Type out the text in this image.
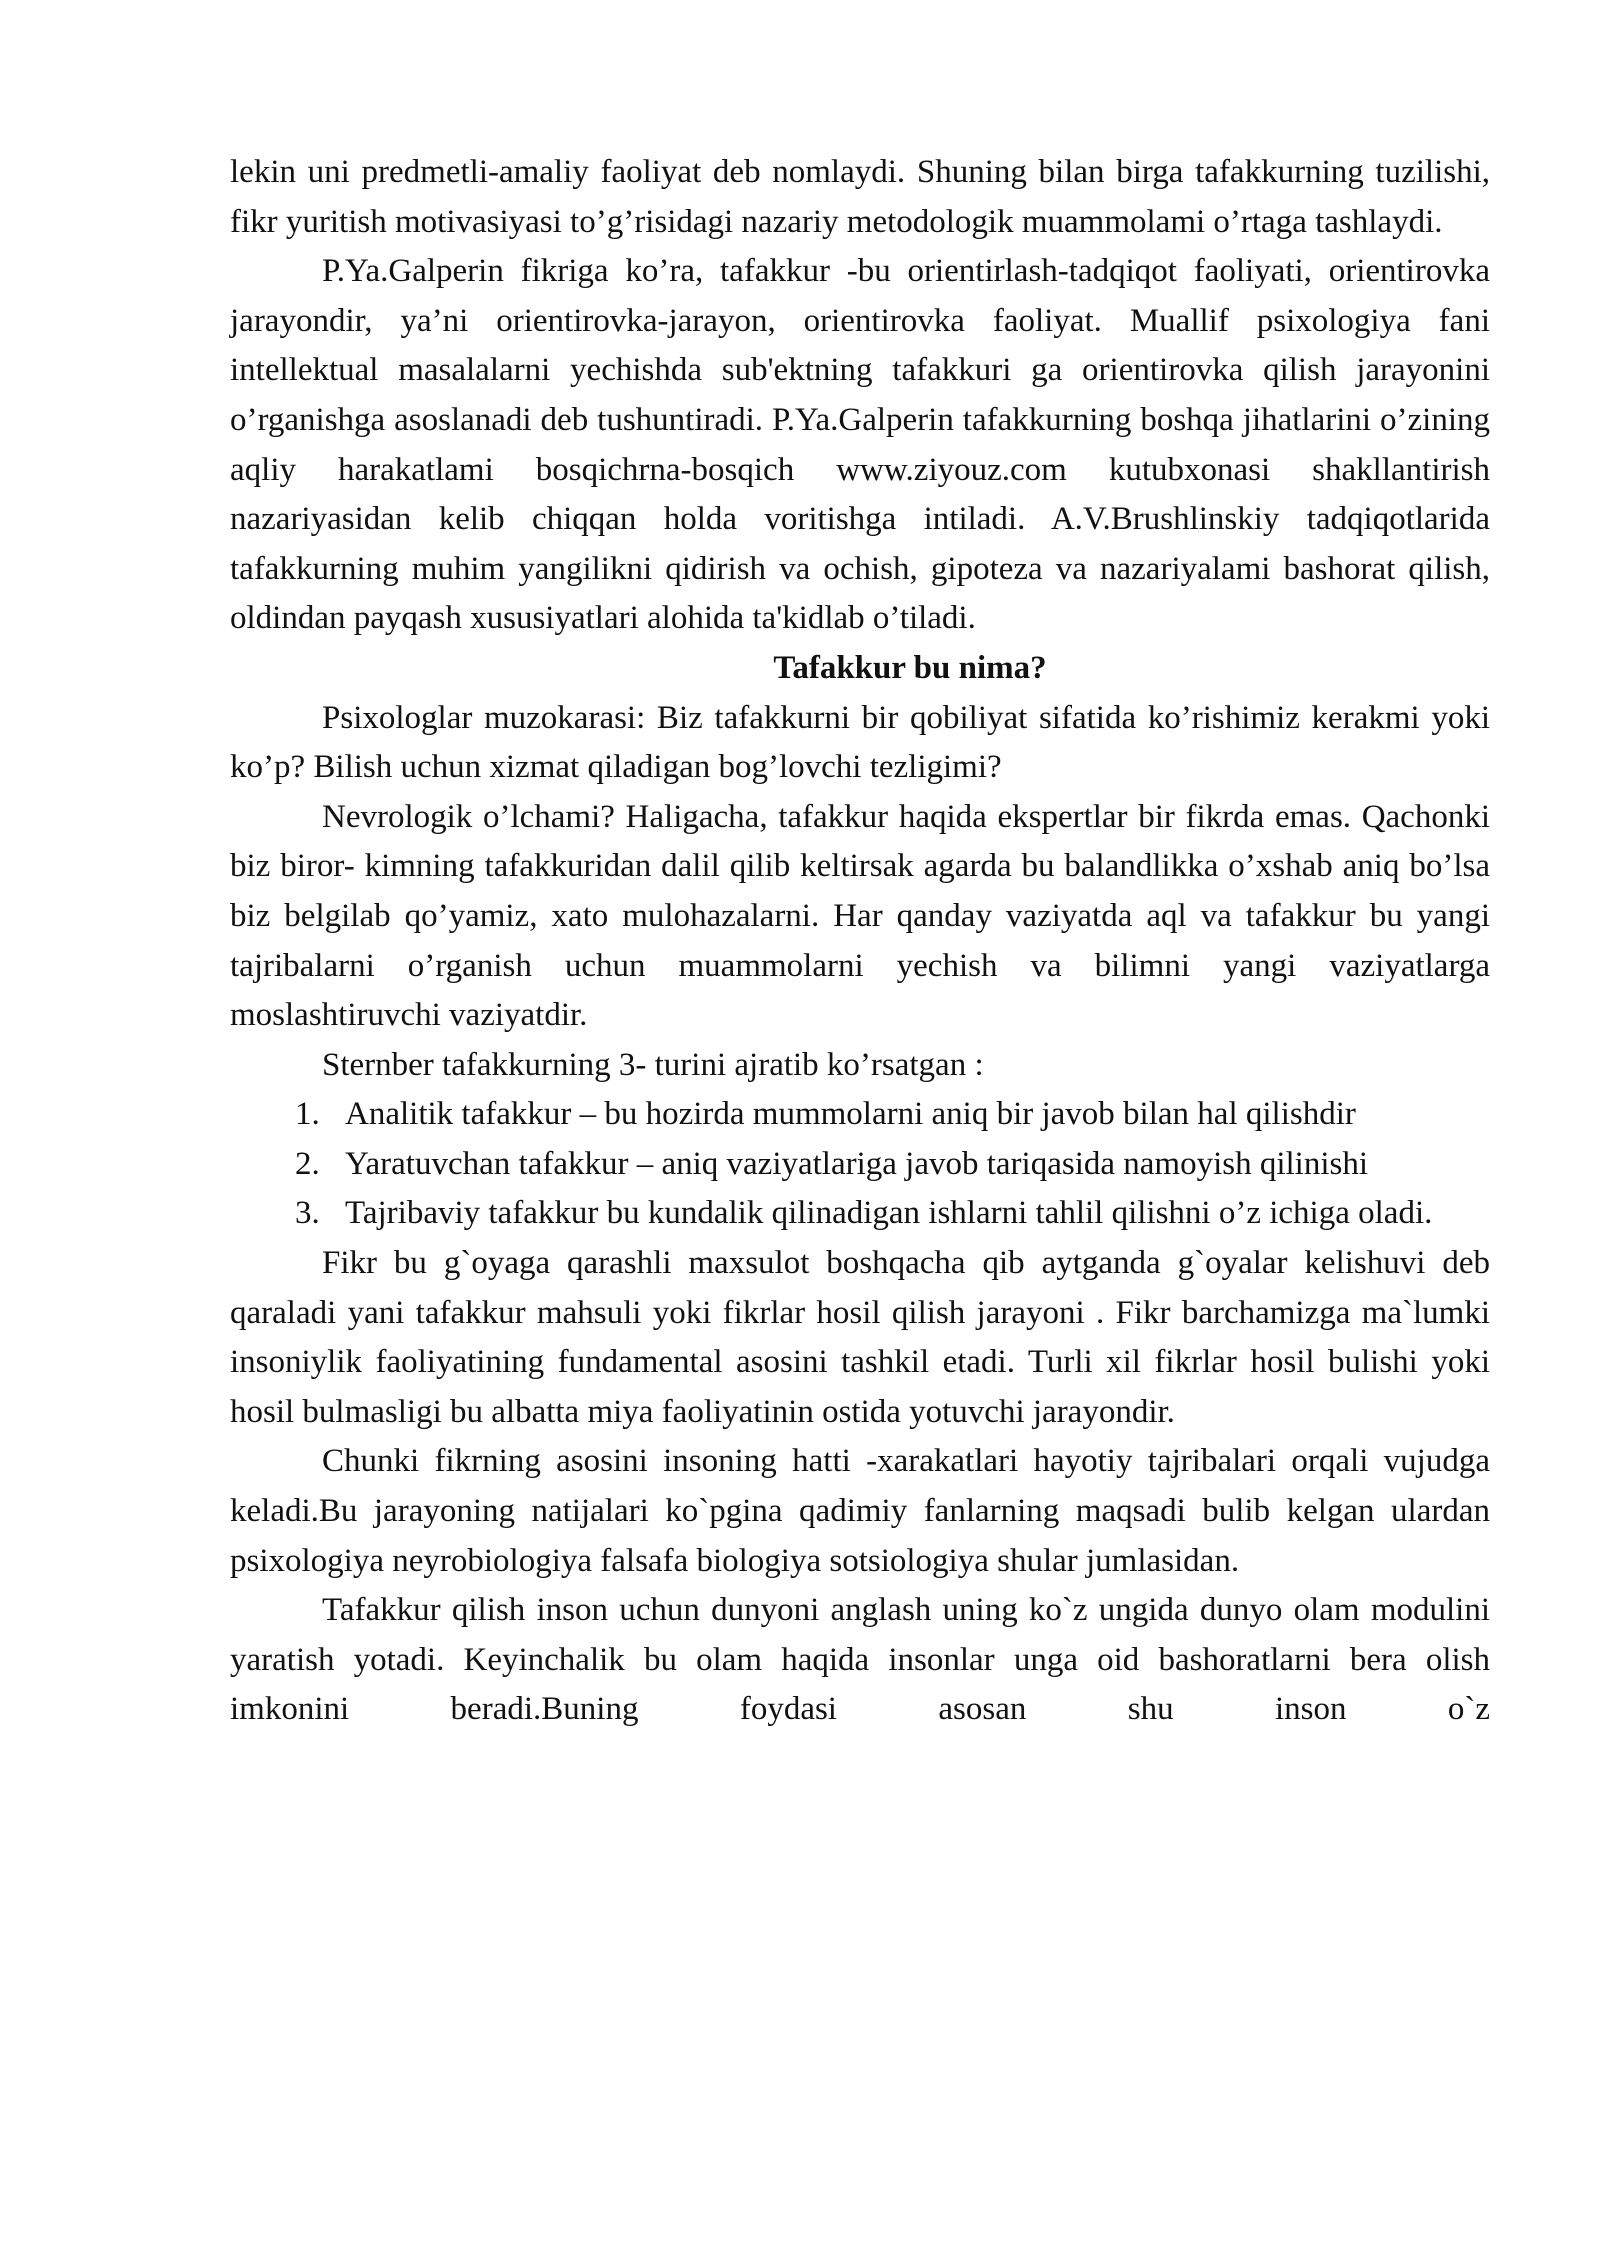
lekin uni predmetli-amaliy faoliyat deb nomlaydi. Shuning bilan birga tafakkurning tuzilishi, fikr yuritish motivasiyasi to’g’risidagi nazariy metodologik muammolami o’rtaga tashlaydi.

P.Ya.Galperin fikriga ko’ra, tafakkur -bu orientirlash-tadqiqot faoliyati, orientirovka jarayondir, ya’ni orientirovka-jarayon, orientirovka faoliyat. Muallif psixologiya fani intellektual masalalarni yechishda sub'ektning tafakkuri ga orientirovka qilish jarayonini o’rganishga asoslanadi deb tushuntiradi. P.Ya.Galperin tafakkurning boshqa jihatlarini o’zining aqliy harakatlami bosqichrna-bosqich www.ziyouz.com kutubxonasi shakllantirish nazariyasidan kelib chiqqan holda voritishga intiladi. A.V.Brushlinskiy tadqiqotlarida tafakkurning muhim yangilikni qidirish va ochish, gipoteza va nazariyalami bashorat qilish, oldindan payqash xususiyatlari alohida ta'kidlab o’tiladi.

Tafakkur bu nima?

Psixologlar muzokarasi: Biz tafakkurni bir qobiliyat sifatida ko’rishimiz kerakmi yoki ko’p? Bilish uchun xizmat qiladigan bog’lovchi tezligimi?

Nevrologik o’lchami? Haligacha, tafakkur haqida ekspertlar bir fikrda emas. Qachonki biz biror- kimning tafakkuridan dalil qilib keltirsak agarda bu balandlikka o’xshab aniq bo’lsa biz belgilab qo’yamiz, xato mulohazalarni. Har qanday vaziyatda aql va tafakkur bu yangi tajribalarni o’rganish uchun muammolarni yechish va bilimni yangi vaziyatlarga moslashtiruvchi vaziyatdir.

Sternber tafakkurning 3- turini ajratib ko’rsatgan :

1. Analitik tafakkur – bu hozirda mummolarni aniq bir javob bilan hal qilishdir
2. Yaratuvchan tafakkur – aniq vaziyatlariga javob tariqasida namoyish qilinishi
3. Tajribaviy tafakkur bu kundalik qilinadigan ishlarni tahlil qilishni o’z ichiga oladi.

Fikr bu g`oyaga qarashli maxsulot boshqacha qib aytganda g`oyalar kelishuvi deb qaraladi yani tafakkur mahsuli yoki fikrlar hosil qilish jarayoni . Fikr barchamizga ma`lumki insoniylik faoliyatining fundamental asosini tashkil etadi. Turli xil fikrlar hosil bulishi yoki hosil bulmasligi bu albatta miya faoliyatinin ostida yotuvchi jarayondir.

Chunki fikrning asosini insoning hatti -xarakatlari hayotiy tajribalari orqali vujudga keladi.Bu jarayoning natijalari ko`pgina qadimiy fanlarning maqsadi bulib kelgan ulardan psixologiya neyrobiologiya falsafa biologiya sotsiologiya shular jumlasidan.

Tafakkur qilish inson uchun dunyoni anglash uning ko`z ungida dunyo olam modulini yaratish yotadi. Keyinchalik bu olam haqida insonlar unga oid bashoratlarni bera olish imkonini beradi.Buning foydasi asosan shu inson o`z
